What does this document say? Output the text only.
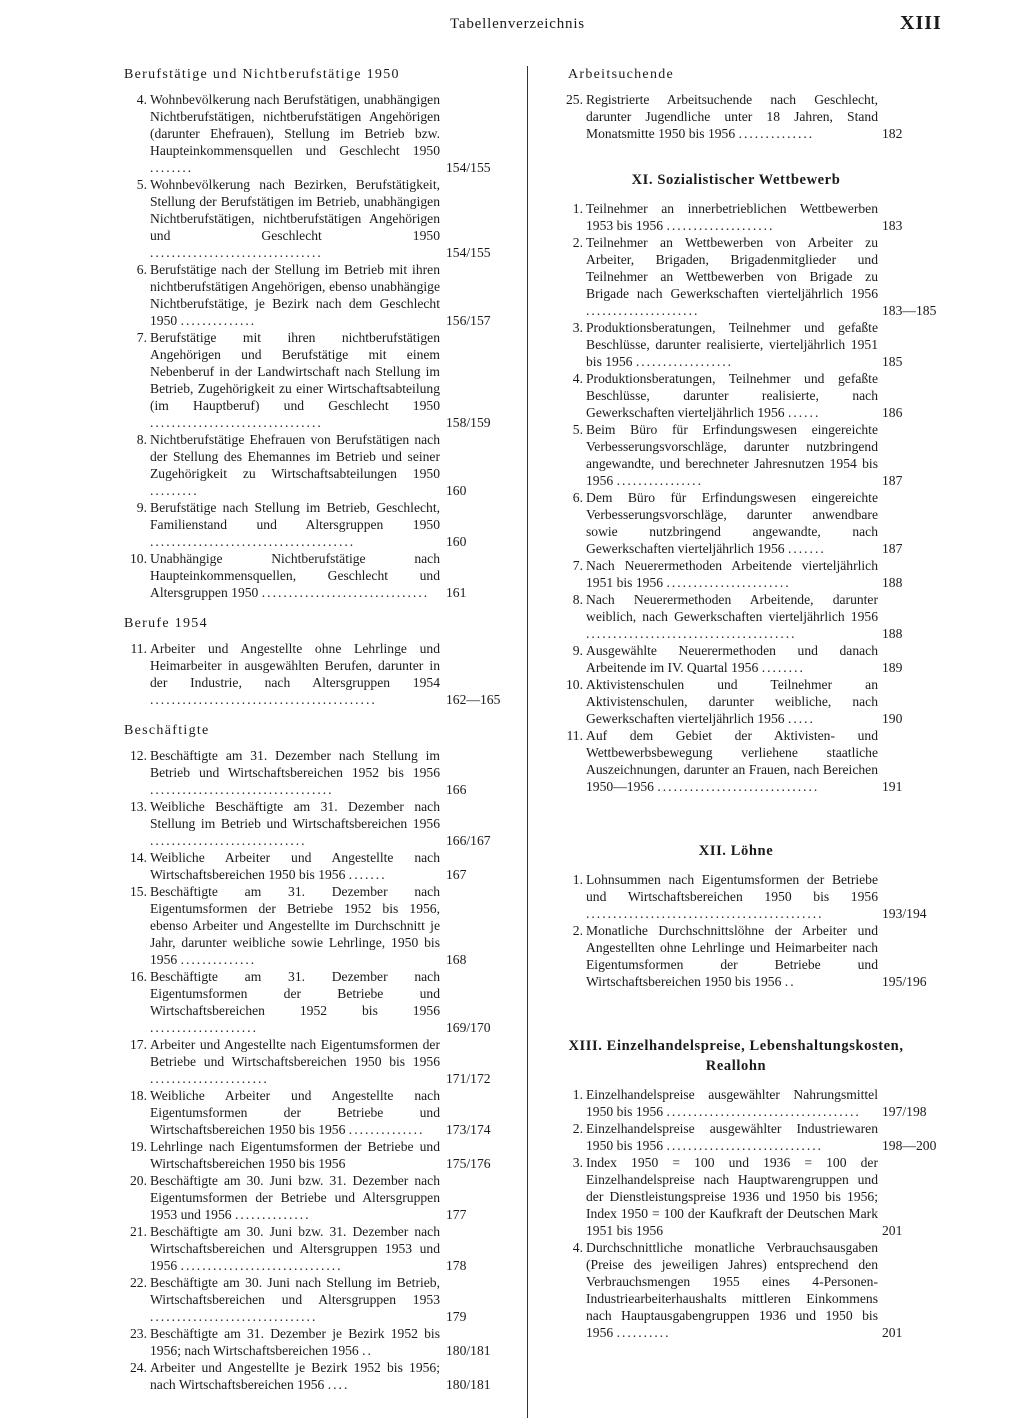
Tabellenverzeichnis	XIII
Berufstätige und Nichtberufstätige 1950
4. Wohnbevölkerung nach Berufstätigen, unabhängigen Nichtberufstätigen, nichtberufstätigen Angehörigen (darunter Ehefrauen), Stellung im Betrieb bzw. Haupteinkommensquellen und Geschlecht 1950 ........	154/155
5. Wohnbevölkerung nach Bezirken, Berufstätigkeit, Stellung der Berufstätigen im Betrieb, unabhängigen Nichtberufstätigen, nichtberufstätigen Angehörigen und Geschlecht 1950 ................................	154/155
6. Berufstätige nach der Stellung im Betrieb mit ihren nichtberufstätigen Angehörigen, ebenso unabhängige Nichtberufstätige, je Bezirk nach dem Geschlecht 1950 ..............	156/157
7. Berufstätige mit ihren nichtberufstätigen Angehörigen und Berufstätige mit einem Nebenberuf in der Landwirtschaft nach Stellung im Betrieb, Zugehörigkeit zu einer Wirtschaftsabteilung (im Hauptberuf) und Geschlecht 1950 ................................	158/159
8. Nichtberufstätige Ehefrauen von Berufstätigen nach der Stellung des Ehemannes im Betrieb und seiner Zugehörigkeit zu Wirtschaftsabteilungen 1950 .........	160
9. Berufstätige nach Stellung im Betrieb, Geschlecht, Familienstand und Altersgruppen 1950 ......................................	160
10. Unabhängige Nichtberufstätige nach Haupteinkommensquellen, Geschlecht und Altersgruppen 1950 ...............................	161
Berufe 1954
11. Arbeiter und Angestellte ohne Lehrlinge und Heimarbeiter in ausgewählten Berufen, darunter in der Industrie, nach Altersgruppen 1954 ..........................................	162—165
Beschäftigte
12. Beschäftigte am 31. Dezember nach Stellung im Betrieb und Wirtschaftsbereichen 1952 bis 1956 ..................................	166
13. Weibliche Beschäftigte am 31. Dezember nach Stellung im Betrieb und Wirtschaftsbereichen 1956 .............................	166/167
14. Weibliche Arbeiter und Angestellte nach Wirtschaftsbereichen 1950 bis 1956 .......	167
15. Beschäftigte am 31. Dezember nach Eigentumsformen der Betriebe 1952 bis 1956, ebenso Arbeiter und Angestellte im Durchschnitt je Jahr, darunter weibliche sowie Lehrlinge, 1950 bis 1956 ..............	168
16. Beschäftigte am 31. Dezember nach Eigentumsformen der Betriebe und Wirtschaftsbereichen 1952 bis 1956 ....................	169/170
17. Arbeiter und Angestellte nach Eigentumsformen der Betriebe und Wirtschaftsbereichen 1950 bis 1956 ......................	171/172
18. Weibliche Arbeiter und Angestellte nach Eigentumsformen der Betriebe und Wirtschaftsbereichen 1950 bis 1956 ..............	173/174
19. Lehrlinge nach Eigentumsformen der Betriebe und Wirtschaftsbereichen 1950 bis 1956	175/176
20. Beschäftigte am 30. Juni bzw. 31. Dezember nach Eigentumsformen der Betriebe und Altersgruppen 1953 und 1956 ..............	177
21. Beschäftigte am 30. Juni bzw. 31. Dezember nach Wirtschaftsbereichen und Altersgruppen 1953 und 1956 ..............................	178
22. Beschäftigte am 30. Juni nach Stellung im Betrieb, Wirtschaftsbereichen und Altersgruppen 1953 ...............................	179
23. Beschäftigte am 31. Dezember je Bezirk 1952 bis 1956; nach Wirtschaftsbereichen 1956 ..	180/181
24. Arbeiter und Angestellte je Bezirk 1952 bis 1956; nach Wirtschaftsbereichen 1956 ....	180/181
Arbeitsuchende
25. Registrierte Arbeitsuchende nach Geschlecht, darunter Jugendliche unter 18 Jahren, Stand Monatsmitte 1950 bis 1956 ..............	182
XI. Sozialistischer Wettbewerb
1. Teilnehmer an innerbetrieblichen Wettbewerben 1953 bis 1956 ....................	183
2. Teilnehmer an Wettbewerben von Arbeiter zu Arbeiter, Brigaden, Brigadenmitglieder und Teilnehmer an Wettbewerben von Brigade zu Brigade nach Gewerkschaften vierteljährlich 1956 .....................	183—185
3. Produktionsberatungen, Teilnehmer und gefaßte Beschlüsse, darunter realisierte, vierteljährlich 1951 bis 1956 ..................	185
4. Produktionsberatungen, Teilnehmer und gefaßte Beschlüsse, darunter realisierte, nach Gewerkschaften vierteljährlich 1956 ......	186
5. Beim Büro für Erfindungswesen eingereichte Verbesserungsvorschläge, darunter nutzbringend angewandte, und berechneter Jahresnutzen 1954 bis 1956 ................	187
6. Dem Büro für Erfindungswesen eingereichte Verbesserungsvorschläge, darunter anwendbare sowie nutzbringend angewandte, nach Gewerkschaften vierteljährlich 1956 .......	187
7. Nach Neuerermethoden Arbeitende vierteljährlich 1951 bis 1956 .......................	188
8. Nach Neuerermethoden Arbeitende, darunter weiblich, nach Gewerkschaften vierteljährlich 1956 .......................................	188
9. Ausgewählte Neuerermethoden und danach Arbeitende im IV. Quartal 1956 ........	189
10. Aktivistenschulen und Teilnehmer an Aktivistenschulen, darunter weibliche, nach Gewerkschaften vierteljährlich 1956 .....	190
11. Auf dem Gebiet der Aktivisten- und Wettbewerbsbewegung verliehene staatliche Auszeichnungen, darunter an Frauen, nach Bereichen 1950—1956 ..............................	191
XII. Löhne
1. Lohnsummen nach Eigentumsformen der Betriebe und Wirtschaftsbereichen 1950 bis 1956 ............................................	193/194
2. Monatliche Durchschnittslöhne der Arbeiter und Angestellten ohne Lehrlinge und Heimarbeiter nach Eigentumsformen der Betriebe und Wirtschaftsbereichen 1950 bis 1956 ..	195/196
XIII. Einzelhandelspreise, Lebenshaltungskosten, Reallohn
1. Einzelhandelspreise ausgewählter Nahrungsmittel 1950 bis 1956 .................................... 197/198
2. Einzelhandelspreise ausgewählter Industriewaren 1950 bis 1956 .............................	198—200
3. Index 1950 = 100 und 1936 = 100 der Einzelhandelspreise nach Hauptwarengruppen und der Dienstleistungspreise 1936 und 1950 bis 1956; Index 1950 = 100 der Kaufkraft der Deutschen Mark 1951 bis 1956	201
4. Durchschnittliche monatliche Verbrauchsausgaben (Preise des jeweiligen Jahres) entsprechend den Verbrauchsmengen 1955 eines 4-Personen-Industriearbeiterhaushalts mittleren Einkommens nach Hauptausgabengruppen 1936 und 1950 bis 1956 ..........	201
